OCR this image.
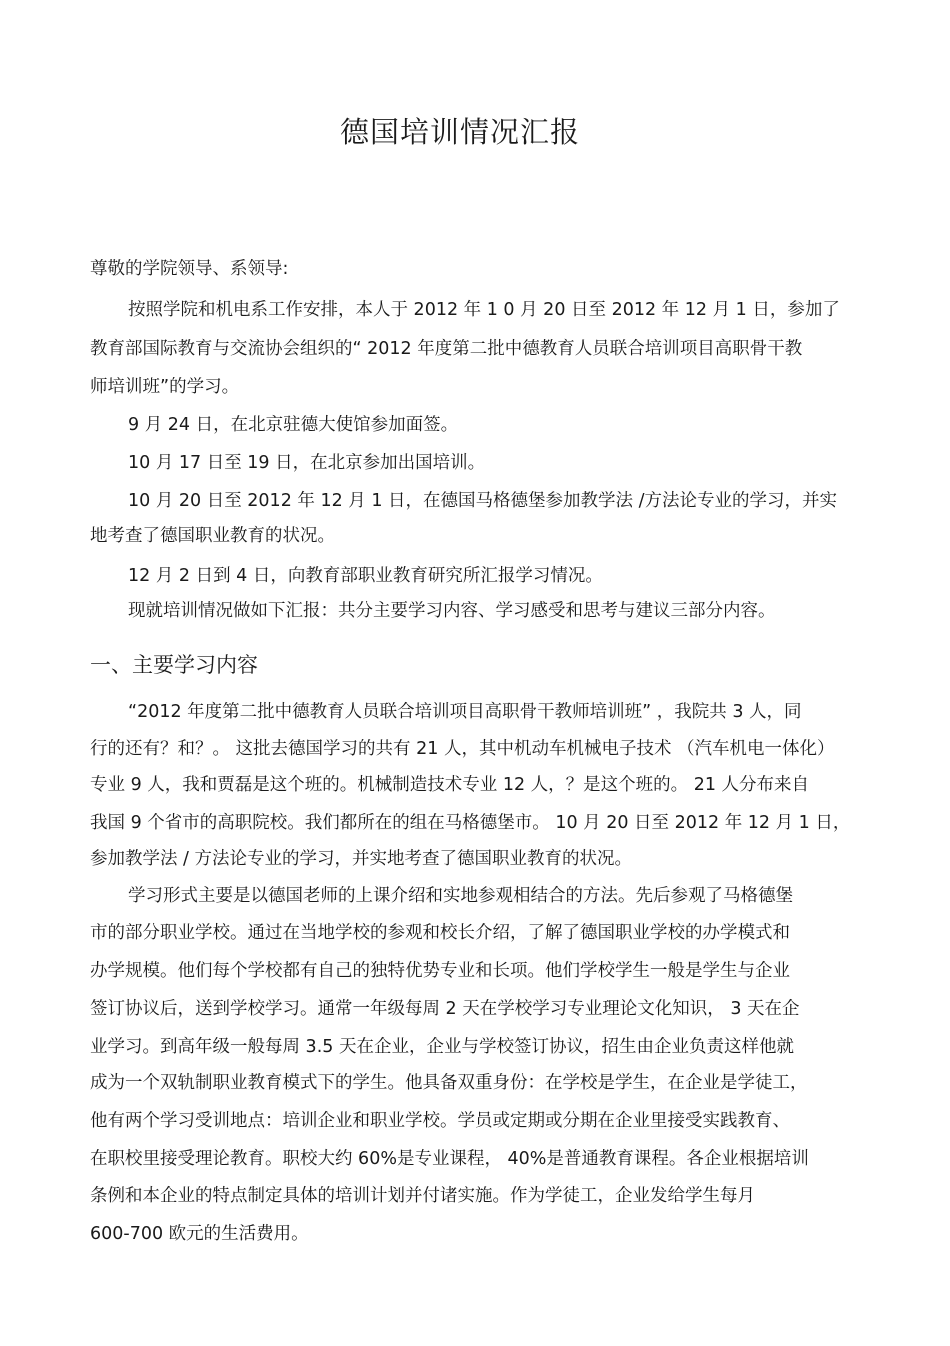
德国培训情况汇报
尊敬的学院领导、系领导:
按照学院和机电系工作安排，本人于 2012 年 1 0 月 20 日至 2012 年 12 月 1 日，参加了
教育部国际教育与交流协会组织的“ 2012 年度第二批中德教育人员联合培训项目高职骨干教
师培训班”的学习。
9 月 24 日，在北京驻德大使馆参加面签。
10 月 17 日至 19 日，在北京参加出国培训。
10 月 20 日至 2012 年 12 月 1 日，在德国马格德堡参加教学法 /方法论专业的学习，并实
地考查了德国职业教育的状况。
12 月 2 日到 4 日，向教育部职业教育研究所汇报学习情况。
现就培训情况做如下汇报：共分主要学习内容、学习感受和思考与建议三部分内容。
一、主要学习内容
“2012 年度第二批中德教育人员联合培训项目高职骨干教师培训班” ，我院共 3 人，同
行的还有？和？。 这批去德国学习的共有 21 人，其中机动车机械电子技术 （汽车机电一体化）
专业 9 人，我和贾磊是这个班的。机械制造技术专业 12 人，？是这个班的。 21 人分布来自
我国 9 个省市的高职院校。我们都所在的组在马格德堡市。 10 月 20 日至 2012 年 12 月 1 日，
参加教学法 / 方法论专业的学习，并实地考查了德国职业教育的状况。
学习形式主要是以德国老师的上课介绍和实地参观相结合的方法。先后参观了马格德堡
市的部分职业学校。通过在当地学校的参观和校长介绍，了解了德国职业学校的办学模式和
办学规模。他们每个学校都有自己的独特优势专业和长项。他们学校学生一般是学生与企业
签订协议后，送到学校学习。通常一年级每周 2 天在学校学习专业理论文化知识， 3 天在企
业学习。到高年级一般每周 3.5 天在企业，企业与学校签订协议，招生由企业负责这样他就
成为一个双轨制职业教育模式下的学生。他具备双重身份：在学校是学生，在企业是学徒工，
他有两个学习受训地点：培训企业和职业学校。学员或定期或分期在企业里接受实践教育、
在职校里接受理论教育。职校大约 60%是专业课程， 40%是普通教育课程。各企业根据培训
条例和本企业的特点制定具体的培训计划并付诸实施。作为学徒工，企业发给学生每月
600-700 欧元的生活费用。
